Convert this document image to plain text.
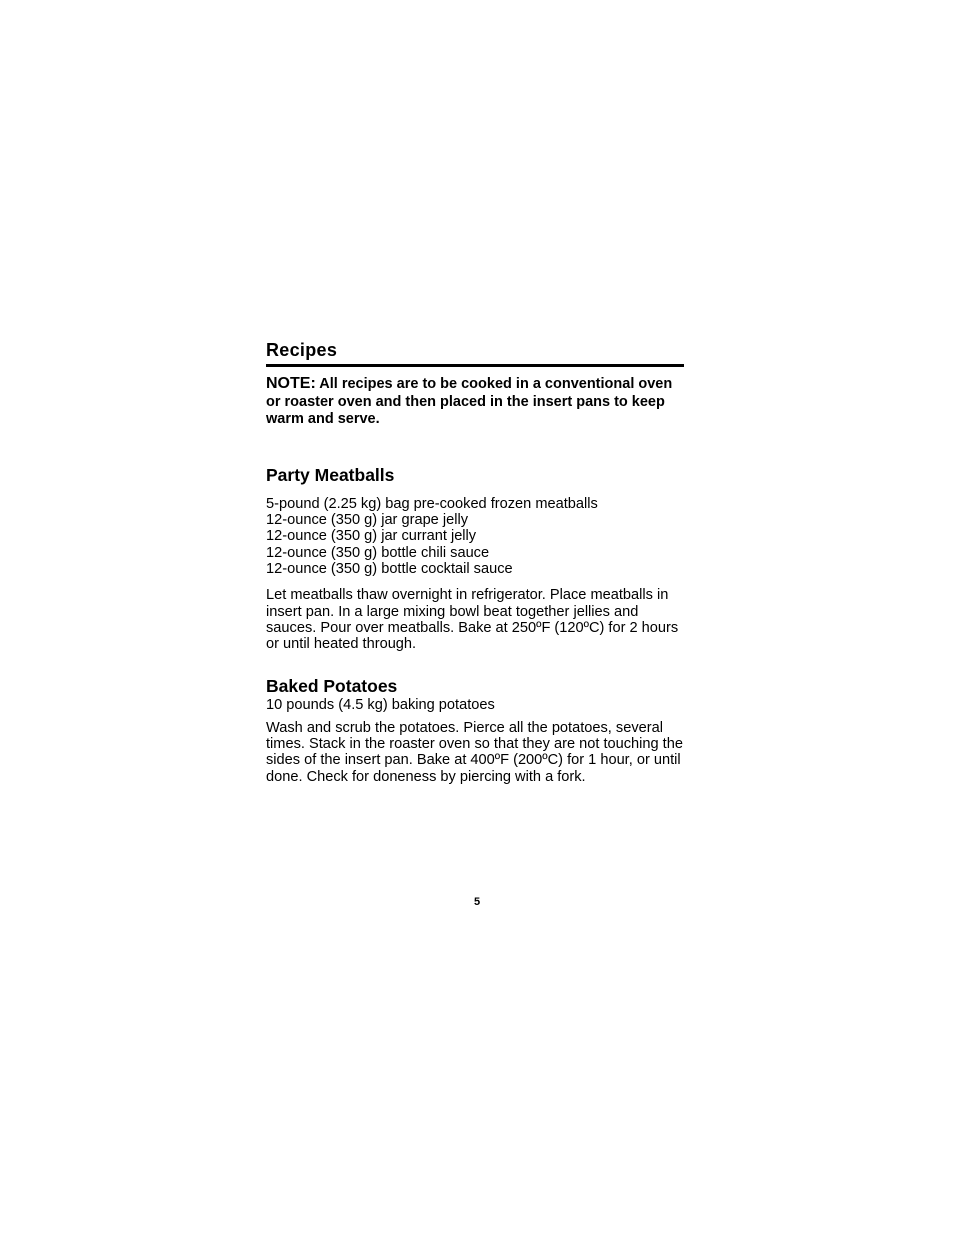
Recipes

NOTE: All recipes are to be cooked in a conventional oven or roaster oven and then placed in the insert pans to keep warm and serve.

Party Meatballs
5-pound (2.25 kg) bag pre-cooked frozen meatballs
12-ounce (350 g) jar grape jelly
12-ounce (350 g) jar currant jelly
12-ounce (350 g) bottle chili sauce
12-ounce (350 g) bottle cocktail sauce

Let meatballs thaw overnight in refrigerator. Place meatballs in insert pan. In a large mixing bowl beat together jellies and sauces. Pour over meatballs. Bake at 250ºF (120ºC) for 2 hours or until heated through.

Baked Potatoes
10 pounds (4.5 kg) baking potatoes

Wash and scrub the potatoes. Pierce all the potatoes, several times. Stack in the roaster oven so that they are not touching the sides of the insert pan. Bake at 400ºF (200ºC) for 1 hour, or until done. Check for doneness by piercing with a fork.

5
